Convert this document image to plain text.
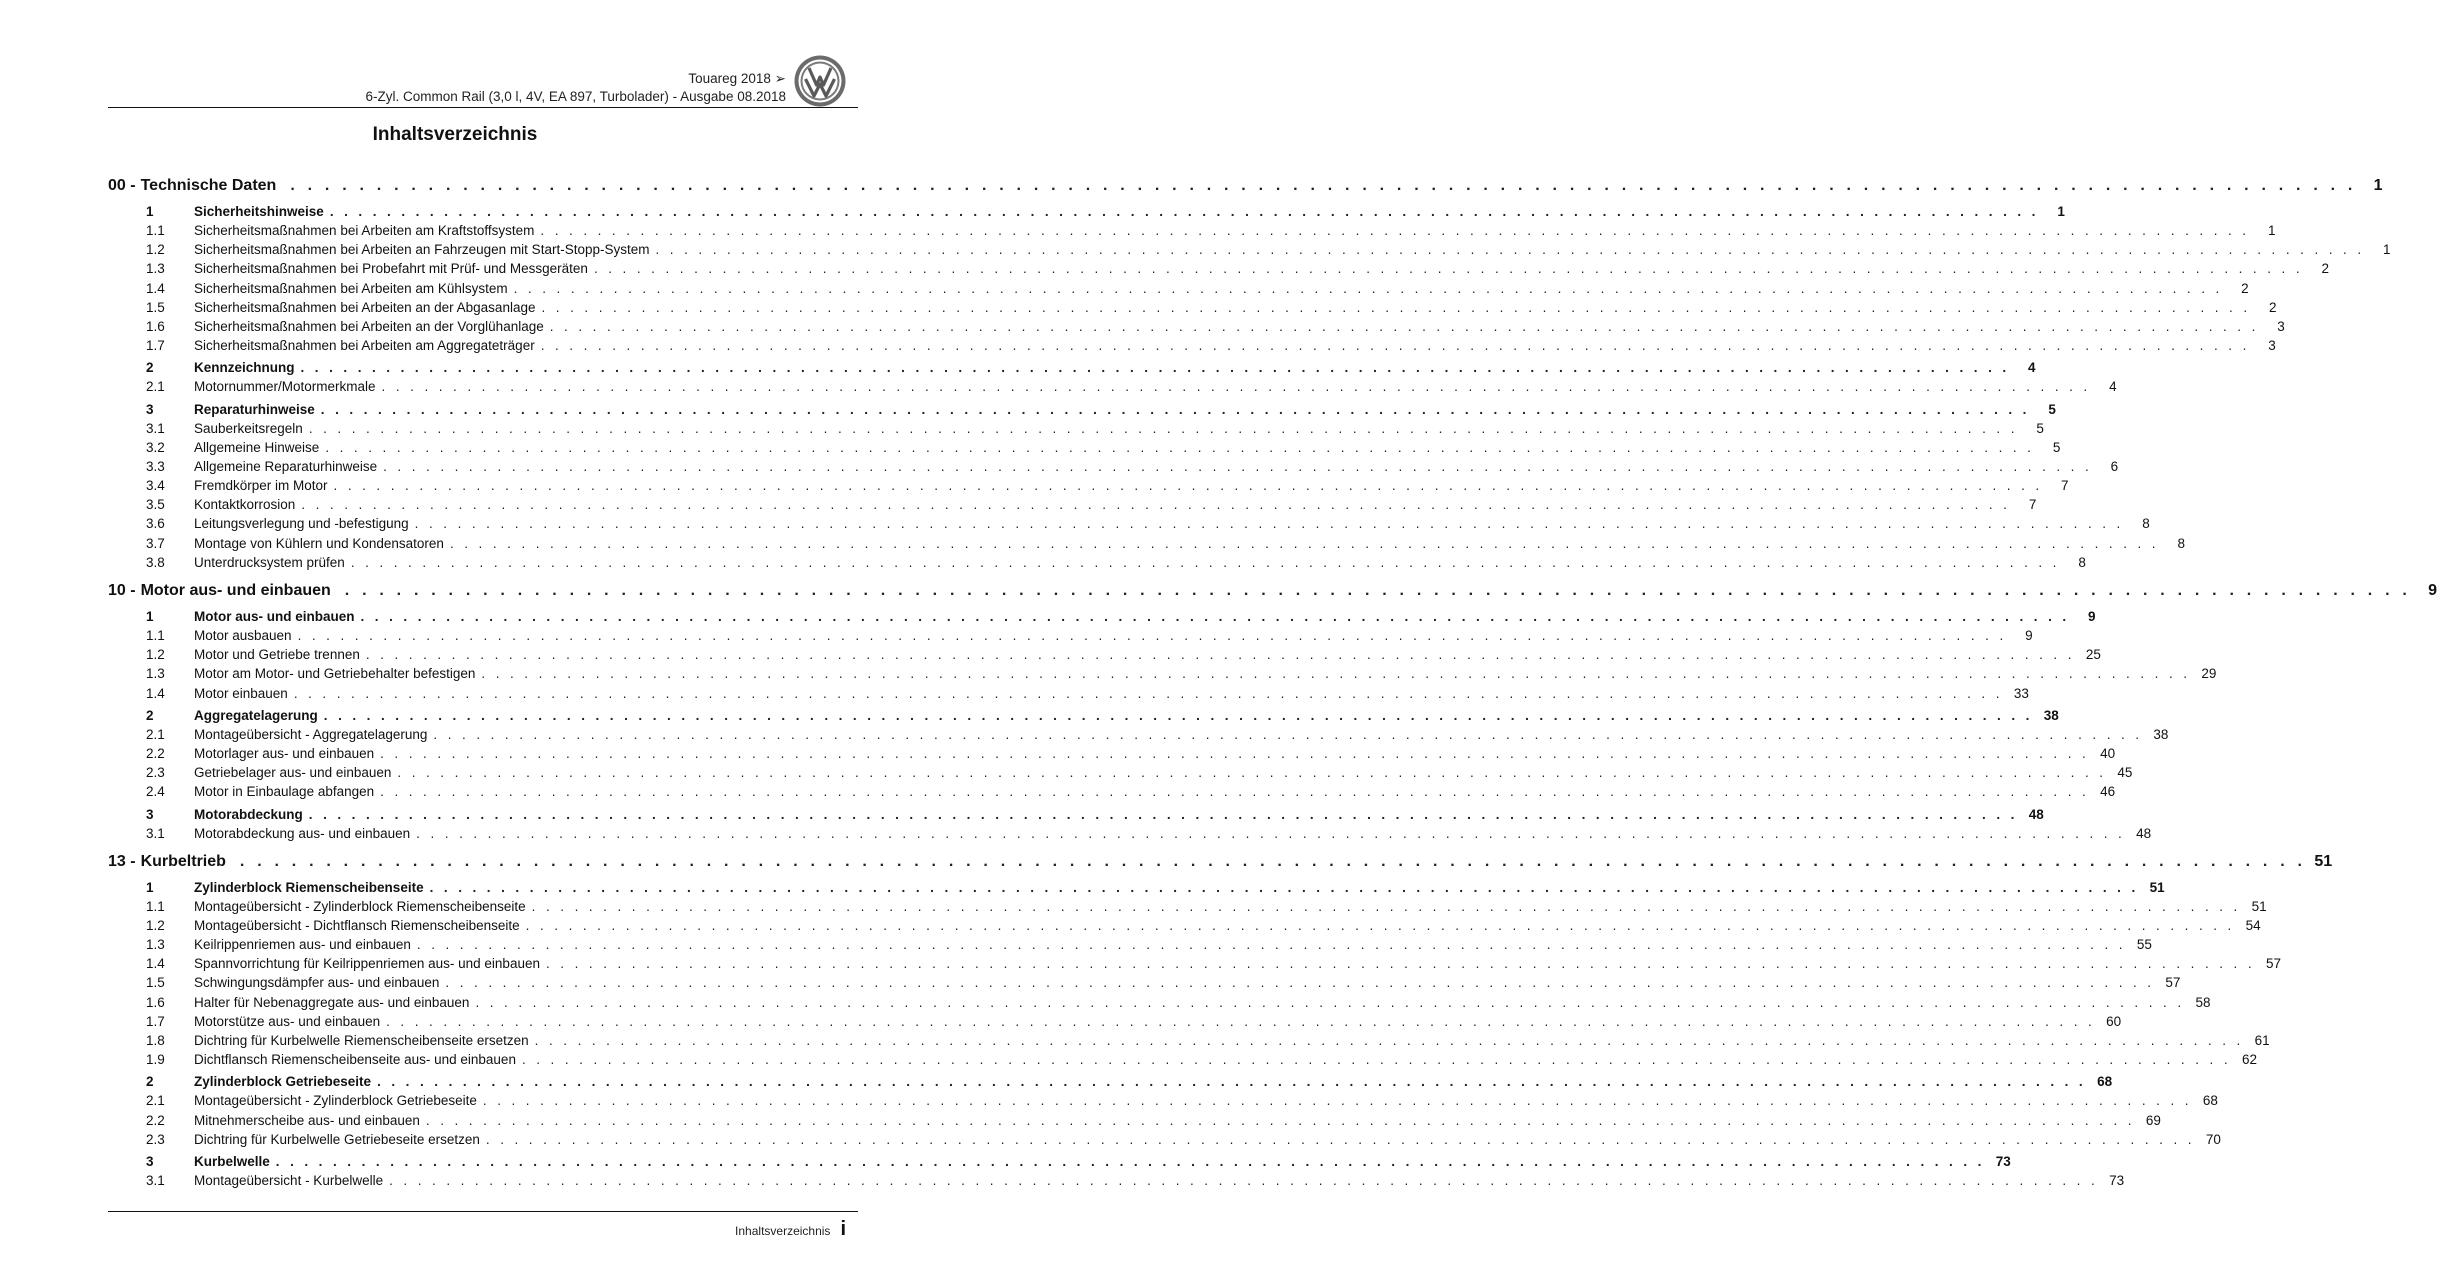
Touareg 2018 ➢
6-Zyl. Common Rail (3,0 l, 4V, EA 897, Turbolader) - Ausgabe 08.2018
Inhaltsverzeichnis
00 - Technische Daten . . . . . . . . . . . . . . . . . . . . . . . . . . . . . . . . . . . . . . . . . . . . . . . . . . . . . . . . . . . . . . . . . . . . . . . . . . . . . . . . . . . . . . . . . . . . . . . . . . . . . . . . . . . . . . . . . . . . . . . .	1
1	Sicherheitshinweise . . . . . . . . . . . . . . . . . . . . . . . . . . . . . . . . . . . . . . . . . . . . . . . . . . . . . . . . . . . . . . . . . . . . . . . . . . . . . . . . . . . . . . . . . . . . . . . . . . . . . . . . . . . . . . . . . . . . . . . .	1
1.1	Sicherheitsmaßnahmen bei Arbeiten am Kraftstoffsystem . . . . . . . . . . . . . . . . . . . . . . . . . . . . . . . . . . . . . . . . . . . . . . . . . . . . . . . . . . . . . . . . . . . . . . . . . . . . . . . . . . . . . . . . . . . . . . . . . . . . . . . . . . . . . . . . . . . . . . . .	1
1.2	Sicherheitsmaßnahmen bei Arbeiten an Fahrzeugen mit Start-Stopp-System . . . . . . . . . . . . . . . . . . . . . . . . . . . . . . . . . . . . . . . . . . . . . . . . . . . . . . . . . . . . . . . . . . . . . . . . . . . . . . . . . . . . . . . . . . . . . . . . . . . . . . . . . . . . . . . . . . . . . . . .	1
1.3	Sicherheitsmaßnahmen bei Probefahrt mit Prüf- und Messgeräten . . . . . . . . . . . . . . . . . . . . . . . . . . . . . . . . . . . . . . . . . . . . . . . . . . . . . . . . . . . . . . . . . . . . . . . . . . . . . . . . . . . . . . . . . . . . . . . . . . . . . . . . . . . . . . . . . . . . . . . .	2
1.4	Sicherheitsmaßnahmen bei Arbeiten am Kühlsystem . . . . . . . . . . . . . . . . . . . . . . . . . . . . . . . . . . . . . . . . . . . . . . . . . . . . . . . . . . . . . . . . . . . . . . . . . . . . . . . . . . . . . . . . . . . . . . . . . . . . . . . . . . . . . . . . . . . . . . . .	2
1.5	Sicherheitsmaßnahmen bei Arbeiten an der Abgasanlage . . . . . . . . . . . . . . . . . . . . . . . . . . . . . . . . . . . . . . . . . . . . . . . . . . . . . . . . . . . . . . . . . . . . . . . . . . . . . . . . . . . . . . . . . . . . . . . . . . . . . . . . . . . . . . . . . . . . . . . .	2
1.6	Sicherheitsmaßnahmen bei Arbeiten an der Vorglühanlage . . . . . . . . . . . . . . . . . . . . . . . . . . . . . . . . . . . . . . . . . . . . . . . . . . . . . . . . . . . . . . . . . . . . . . . . . . . . . . . . . . . . . . . . . . . . . . . . . . . . . . . . . . . . . . . . . . . . . . . .	3
1.7	Sicherheitsmaßnahmen bei Arbeiten am Aggregateträger . . . . . . . . . . . . . . . . . . . . . . . . . . . . . . . . . . . . . . . . . . . . . . . . . . . . . . . . . . . . . . . . . . . . . . . . . . . . . . . . . . . . . . . . . . . . . . . . . . . . . . . . . . . . . . . . . . . . . . . .	3
2	Kennzeichnung . . . . . . . . . . . . . . . . . . . . . . . . . . . . . . . . . . . . . . . . . . . . . . . . . . . . . . . . . . . . . . . . . . . . . . . . . . . . . . . . . . . . . . . . . . . . . . . . . . . . . . . . . . . . . . . . . . . . . . . .	4
2.1	Motornummer/Motormerkmale . . . . . . . . . . . . . . . . . . . . . . . . . . . . . . . . . . . . . . . . . . . . . . . . . . . . . . . . . . . . . . . . . . . . . . . . . . . . . . . . . . . . . . . . . . . . . . . . . . . . . . . . . . . . . . . . . . . . . . . .	4
3	Reparaturhinweise . . . . . . . . . . . . . . . . . . . . . . . . . . . . . . . . . . . . . . . . . . . . . . . . . . . . . . . . . . . . . . . . . . . . . . . . . . . . . . . . . . . . . . . . . . . . . . . . . . . . . . . . . . . . . . . . . . . . . . . .	5
3.1	Sauberkeitsregeln . . . . . . . . . . . . . . . . . . . . . . . . . . . . . . . . . . . . . . . . . . . . . . . . . . . . . . . . . . . . . . . . . . . . . . . . . . . . . . . . . . . . . . . . . . . . . . . . . . . . . . . . . . . . . . . . . . . . . . . .	5
3.2	Allgemeine Hinweise . . . . . . . . . . . . . . . . . . . . . . . . . . . . . . . . . . . . . . . . . . . . . . . . . . . . . . . . . . . . . . . . . . . . . . . . . . . . . . . . . . . . . . . . . . . . . . . . . . . . . . . . . . . . . . . . . . . . . . . .	5
3.3	Allgemeine Reparaturhinweise . . . . . . . . . . . . . . . . . . . . . . . . . . . . . . . . . . . . . . . . . . . . . . . . . . . . . . . . . . . . . . . . . . . . . . . . . . . . . . . . . . . . . . . . . . . . . . . . . . . . . . . . . . . . . . . . . . . . . . . .	6
3.4	Fremdkörper im Motor . . . . . . . . . . . . . . . . . . . . . . . . . . . . . . . . . . . . . . . . . . . . . . . . . . . . . . . . . . . . . . . . . . . . . . . . . . . . . . . . . . . . . . . . . . . . . . . . . . . . . . . . . . . . . . . . . . . . . . . .	7
3.5	Kontaktkorrosion . . . . . . . . . . . . . . . . . . . . . . . . . . . . . . . . . . . . . . . . . . . . . . . . . . . . . . . . . . . . . . . . . . . . . . . . . . . . . . . . . . . . . . . . . . . . . . . . . . . . . . . . . . . . . . . . . . . . . . . .	7
3.6	Leitungsverlegung und -befestigung . . . . . . . . . . . . . . . . . . . . . . . . . . . . . . . . . . . . . . . . . . . . . . . . . . . . . . . . . . . . . . . . . . . . . . . . . . . . . . . . . . . . . . . . . . . . . . . . . . . . . . . . . . . . . . . . . . . . . . . .	8
3.7	Montage von Kühlern und Kondensatoren . . . . . . . . . . . . . . . . . . . . . . . . . . . . . . . . . . . . . . . . . . . . . . . . . . . . . . . . . . . . . . . . . . . . . . . . . . . . . . . . . . . . . . . . . . . . . . . . . . . . . . . . . . . . . . . . . . . . . . . .	8
3.8	Unterdrucksystem prüfen . . . . . . . . . . . . . . . . . . . . . . . . . . . . . . . . . . . . . . . . . . . . . . . . . . . . . . . . . . . . . . . . . . . . . . . . . . . . . . . . . . . . . . . . . . . . . . . . . . . . . . . . . . . . . . . . . . . . . . . .	8
10 - Motor aus- und einbauen . . . . . . . . . . . . . . . . . . . . . . . . . . . . . . . . . . . . . . . . . . . . . . . . . . . . . . . . . . . . . . . . . . . . . . . . . . . . . . . . . . . . . . . . . . . . . . . . . . . . . . . . . . . . . . . . . . . . . . . .	9
1	Motor aus- und einbauen . . . . . . . . . . . . . . . . . . . . . . . . . . . . . . . . . . . . . . . . . . . . . . . . . . . . . . . . . . . . . . . . . . . . . . . . . . . . . . . . . . . . . . . . . . . . . . . . . . . . . . . . . . . . . . . . . . . . . . . .	9
1.1	Motor ausbauen . . . . . . . . . . . . . . . . . . . . . . . . . . . . . . . . . . . . . . . . . . . . . . . . . . . . . . . . . . . . . . . . . . . . . . . . . . . . . . . . . . . . . . . . . . . . . . . . . . . . . . . . . . . . . . . . . . . . . . . .	9
1.2	Motor und Getriebe trennen . . . . . . . . . . . . . . . . . . . . . . . . . . . . . . . . . . . . . . . . . . . . . . . . . . . . . . . . . . . . . . . . . . . . . . . . . . . . . . . . . . . . . . . . . . . . . . . . . . . . . . . . . . . . . . . . . . . . . . . . 25
1.3	Motor am Motor- und Getriebehalter befestigen . . . . . . . . . . . . . . . . . . . . . . . . . . . . . . . . . . . . . . . . . . . . . . . . . . . . . . . . . . . . . . . . . . . . . . . . . . . . . . . . . . . . . . . . . . . . . . . . . . . . . . . . . . . . . . . . . . . . . . . . 29
1.4	Motor einbauen . . . . . . . . . . . . . . . . . . . . . . . . . . . . . . . . . . . . . . . . . . . . . . . . . . . . . . . . . . . . . . . . . . . . . . . . . . . . . . . . . . . . . . . . . . . . . . . . . . . . . . . . . . . . . . . . . . . . . . . . 33
2	Aggregatelagerung . . . . . . . . . . . . . . . . . . . . . . . . . . . . . . . . . . . . . . . . . . . . . . . . . . . . . . . . . . . . . . . . . . . . . . . . . . . . . . . . . . . . . . . . . . . . . . . . . . . . . . . . . . . . . . . . . . . . . . . . 38
2.1	Montageübersicht - Aggregatelagerung . . . . . . . . . . . . . . . . . . . . . . . . . . . . . . . . . . . . . . . . . . . . . . . . . . . . . . . . . . . . . . . . . . . . . . . . . . . . . . . . . . . . . . . . . . . . . . . . . . . . . . . . . . . . . . . . . . . . . . . . 38
2.2	Motorlager aus- und einbauen . . . . . . . . . . . . . . . . . . . . . . . . . . . . . . . . . . . . . . . . . . . . . . . . . . . . . . . . . . . . . . . . . . . . . . . . . . . . . . . . . . . . . . . . . . . . . . . . . . . . . . . . . . . . . . . . . . . . . . . . 40
2.3	Getriebelager aus- und einbauen . . . . . . . . . . . . . . . . . . . . . . . . . . . . . . . . . . . . . . . . . . . . . . . . . . . . . . . . . . . . . . . . . . . . . . . . . . . . . . . . . . . . . . . . . . . . . . . . . . . . . . . . . . . . . . . . . . . . . . . . 45
2.4	Motor in Einbaulage abfangen . . . . . . . . . . . . . . . . . . . . . . . . . . . . . . . . . . . . . . . . . . . . . . . . . . . . . . . . . . . . . . . . . . . . . . . . . . . . . . . . . . . . . . . . . . . . . . . . . . . . . . . . . . . . . . . . . . . . . . . . 46
3	Motorabdeckung . . . . . . . . . . . . . . . . . . . . . . . . . . . . . . . . . . . . . . . . . . . . . . . . . . . . . . . . . . . . . . . . . . . . . . . . . . . . . . . . . . . . . . . . . . . . . . . . . . . . . . . . . . . . . . . . . . . . . . . . 48
3.1	Motorabdeckung aus- und einbauen . . . . . . . . . . . . . . . . . . . . . . . . . . . . . . . . . . . . . . . . . . . . . . . . . . . . . . . . . . . . . . . . . . . . . . . . . . . . . . . . . . . . . . . . . . . . . . . . . . . . . . . . . . . . . . . . . . . . . . . . 48
13 - Kurbeltrieb . . . . . . . . . . . . . . . . . . . . . . . . . . . . . . . . . . . . . . . . . . . . . . . . . . . . . . . . . . . . . . . . . . . . . . . . . . . . . . . . . . . . . . . . . . . . . . . . . . . . . . . . . . . . . . . . . . . . . . . . 51
1	Zylinderblock Riemenscheibenseite . . . . . . . . . . . . . . . . . . . . . . . . . . . . . . . . . . . . . . . . . . . . . . . . . . . . . . . . . . . . . . . . . . . . . . . . . . . . . . . . . . . . . . . . . . . . . . . . . . . . . . . . . . . . . . . . . . . . . . . . 51
1.1	Montageübersicht - Zylinderblock Riemenscheibenseite . . . . . . . . . . . . . . . . . . . . . . . . . . . . . . . . . . . . . . . . . . . . . . . . . . . . . . . . . . . . . . . . . . . . . . . . . . . . . . . . . . . . . . . . . . . . . . . . . . . . . . . . . . . . . . . . . . . . . . . . 51
1.2	Montageübersicht - Dichtflansch Riemenscheibenseite . . . . . . . . . . . . . . . . . . . . . . . . . . . . . . . . . . . . . . . . . . . . . . . . . . . . . . . . . . . . . . . . . . . . . . . . . . . . . . . . . . . . . . . . . . . . . . . . . . . . . . . . . . . . . . . . . . . . . . . . 54
1.3	Keilrippenriemen aus- und einbauen . . . . . . . . . . . . . . . . . . . . . . . . . . . . . . . . . . . . . . . . . . . . . . . . . . . . . . . . . . . . . . . . . . . . . . . . . . . . . . . . . . . . . . . . . . . . . . . . . . . . . . . . . . . . . . . . . . . . . . . . 55
1.4	Spannvorrichtung für Keilrippenriemen aus- und einbauen . . . . . . . . . . . . . . . . . . . . . . . . . . . . . . . . . . . . . . . . . . . . . . . . . . . . . . . . . . . . . . . . . . . . . . . . . . . . . . . . . . . . . . . . . . . . . . . . . . . . . . . . . . . . . . . . . . . . . . . . 57
1.5	Schwingungsdämpfer aus- und einbauen . . . . . . . . . . . . . . . . . . . . . . . . . . . . . . . . . . . . . . . . . . . . . . . . . . . . . . . . . . . . . . . . . . . . . . . . . . . . . . . . . . . . . . . . . . . . . . . . . . . . . . . . . . . . . . . . . . . . . . . . 57
1.6	Halter für Nebenaggregate aus- und einbauen . . . . . . . . . . . . . . . . . . . . . . . . . . . . . . . . . . . . . . . . . . . . . . . . . . . . . . . . . . . . . . . . . . . . . . . . . . . . . . . . . . . . . . . . . . . . . . . . . . . . . . . . . . . . . . . . . . . . . . . . 58
1.7	Motorstütze aus- und einbauen . . . . . . . . . . . . . . . . . . . . . . . . . . . . . . . . . . . . . . . . . . . . . . . . . . . . . . . . . . . . . . . . . . . . . . . . . . . . . . . . . . . . . . . . . . . . . . . . . . . . . . . . . . . . . . . . . . . . . . . . 60
1.8	Dichtring für Kurbelwelle Riemenscheibenseite ersetzen . . . . . . . . . . . . . . . . . . . . . . . . . . . . . . . . . . . . . . . . . . . . . . . . . . . . . . . . . . . . . . . . . . . . . . . . . . . . . . . . . . . . . . . . . . . . . . . . . . . . . . . . . . . . . . . . . . . . . . . . 61
1.9	Dichtflansch Riemenscheibenseite aus- und einbauen . . . . . . . . . . . . . . . . . . . . . . . . . . . . . . . . . . . . . . . . . . . . . . . . . . . . . . . . . . . . . . . . . . . . . . . . . . . . . . . . . . . . . . . . . . . . . . . . . . . . . . . . . . . . . . . . . . . . . . . . 62
2	Zylinderblock Getriebeseite . . . . . . . . . . . . . . . . . . . . . . . . . . . . . . . . . . . . . . . . . . . . . . . . . . . . . . . . . . . . . . . . . . . . . . . . . . . . . . . . . . . . . . . . . . . . . . . . . . . . . . . . . . . . . . . . . . . . . . . . 68
2.1	Montageübersicht - Zylinderblock Getriebeseite . . . . . . . . . . . . . . . . . . . . . . . . . . . . . . . . . . . . . . . . . . . . . . . . . . . . . . . . . . . . . . . . . . . . . . . . . . . . . . . . . . . . . . . . . . . . . . . . . . . . . . . . . . . . . . . . . . . . . . . . 68
2.2	Mitnehmerscheibe aus- und einbauen . . . . . . . . . . . . . . . . . . . . . . . . . . . . . . . . . . . . . . . . . . . . . . . . . . . . . . . . . . . . . . . . . . . . . . . . . . . . . . . . . . . . . . . . . . . . . . . . . . . . . . . . . . . . . . . . . . . . . . . . 69
2.3	Dichtring für Kurbelwelle Getriebeseite ersetzen . . . . . . . . . . . . . . . . . . . . . . . . . . . . . . . . . . . . . . . . . . . . . . . . . . . . . . . . . . . . . . . . . . . . . . . . . . . . . . . . . . . . . . . . . . . . . . . . . . . . . . . . . . . . . . . . . . . . . . . . 70
3	Kurbelwelle . . . . . . . . . . . . . . . . . . . . . . . . . . . . . . . . . . . . . . . . . . . . . . . . . . . . . . . . . . . . . . . . . . . . . . . . . . . . . . . . . . . . . . . . . . . . . . . . . . . . . . . . . . . . . . . . . . . . . . . . 73
3.1	Montageübersicht - Kurbelwelle . . . . . . . . . . . . . . . . . . . . . . . . . . . . . . . . . . . . . . . . . . . . . . . . . . . . . . . . . . . . . . . . . . . . . . . . . . . . . . . . . . . . . . . . . . . . . . . . . . . . . . . . . . . . . . . . . . . . . . . . 73
Inhaltsverzeichnis i
